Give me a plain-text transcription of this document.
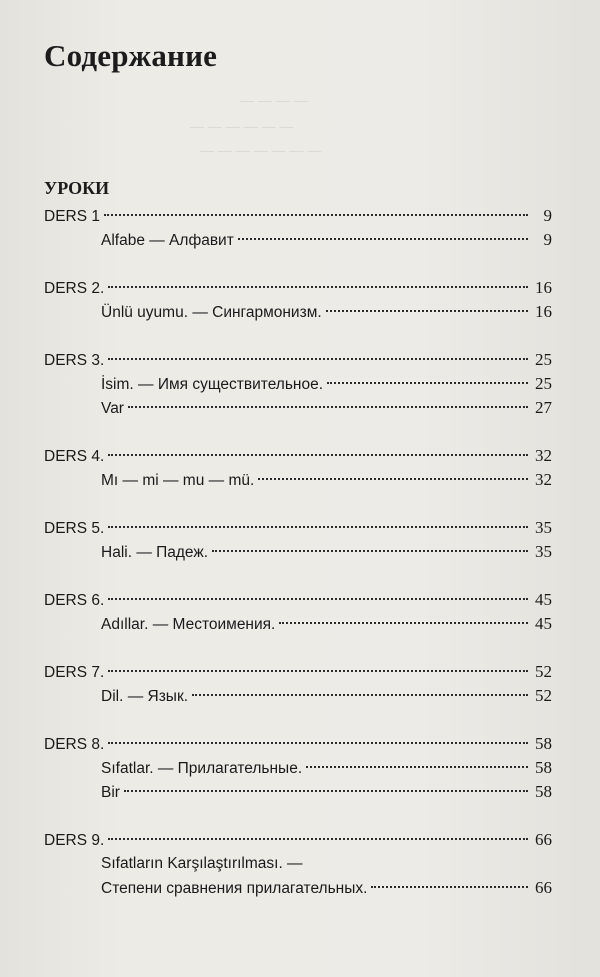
— — — —
— — — — — —
— — — — — — —
Содержание
УРОКИ
DERS 1	9
Alfabe — Алфавит	9
DERS 2.	16
Ünlü uyumu. — Сингармонизм.	16
DERS 3.	25
İsim. — Имя существительное.	25
Var	27
DERS 4.	32
Mı — mi — mu — mü.	32
DERS 5.	35
Hali. — Падеж.	35
DERS 6.	45
Adıllar. — Местоимения.	45
DERS 7.	52
Dil. — Язык.	52
DERS 8.	58
Sıfatlar. — Прилагательные.	58
Bir	58
DERS 9.	66
Sıfatların Karşılaştırılması. —
Степени сравнения прилагательных.	66
